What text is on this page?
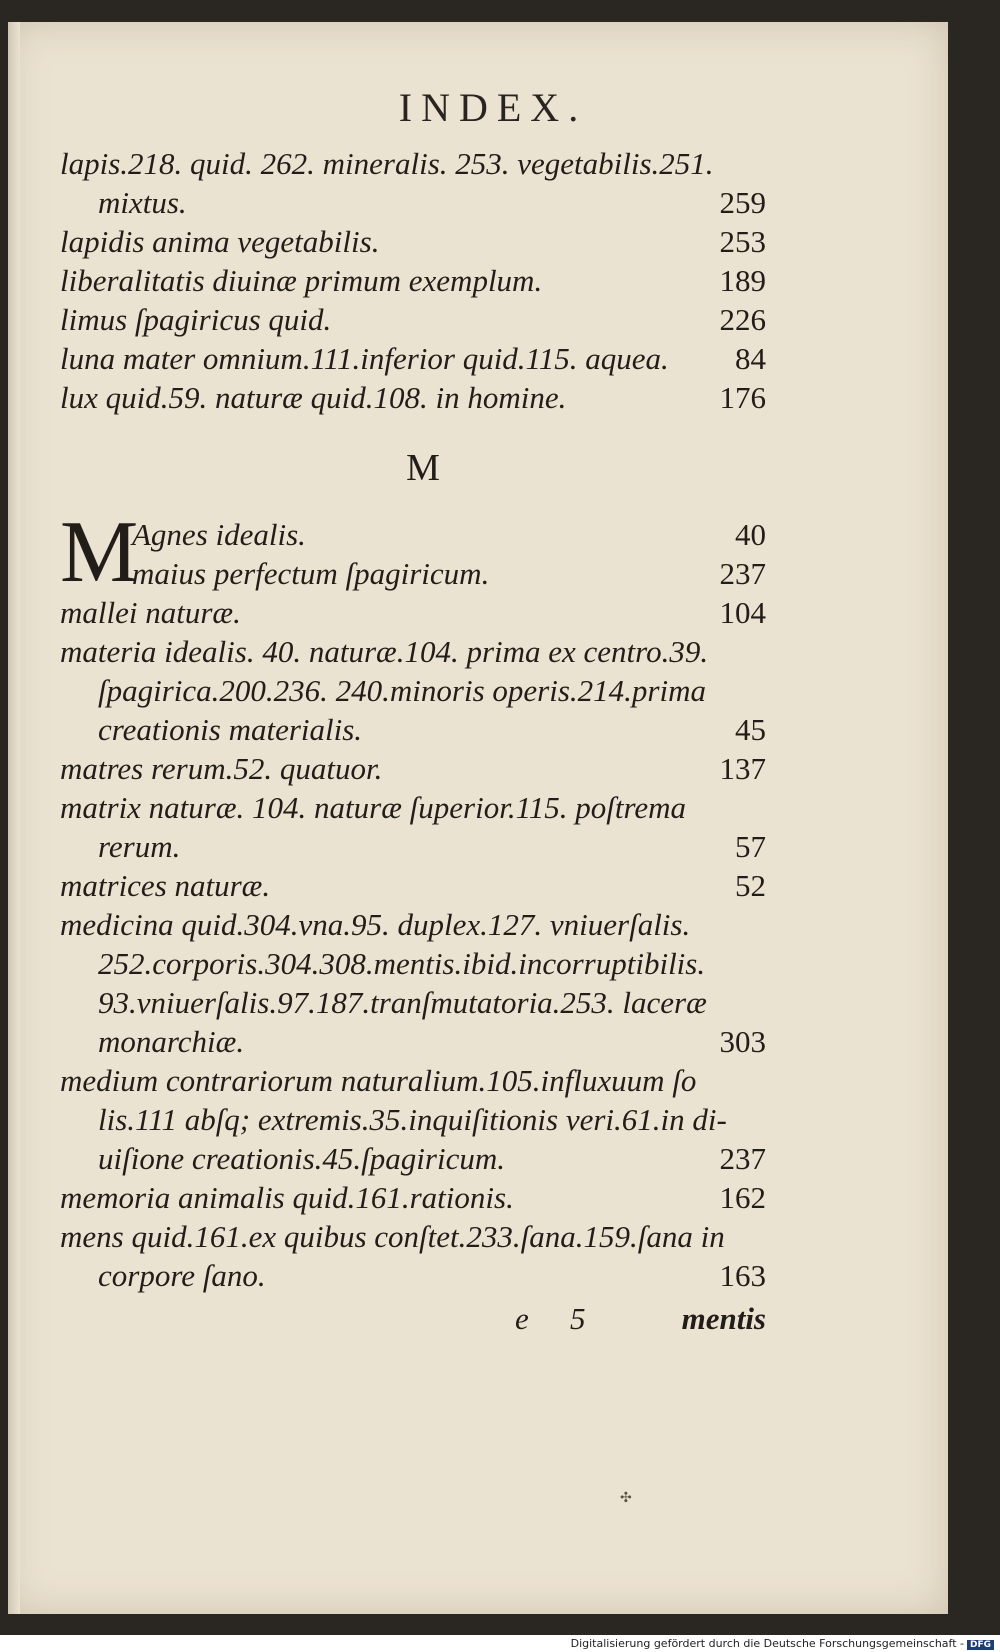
INDEX.
lapis.218. quid. 262. mineralis. 253. vegetabilis.251.
mixtus.	259
lapidis anima vegetabilis.	253
liberalitatis diuinæ primum exemplum.	189
limus ſpagiricus quid.	226
luna mater omnium.111.inferior quid.115. aquea. 84
lux quid.59. naturæ quid.108. in homine.	176
M
M
Agnes idealis.	40
maius perfectum ſpagiricum.	237
mallei naturæ.	104
materia idealis. 40. naturæ.104. prima ex centro.39.
ſpagirica.200.236. 240.minoris operis.214.prima
creationis materialis.	45
matres rerum.52. quatuor.	137
matrix naturæ. 104. naturæ ſuperior.115. poſtrema
rerum.	57
matrices naturæ.	52
medicina quid.304.vna.95. duplex.127. vniuerſalis.
252.corporis.304.308.mentis.ibid.incorruptibilis.
93.vniuerſalis.97.187.tranſmutatoria.253. laceræ
monarchiæ.	303
medium contrariorum naturalium.105.influxuum ſo
lis.111 abſq; extremis.35.inquiſitionis veri.61.in di-
uiſione creationis.45.ſpagiricum.	237
memoria animalis quid.161.rationis.	162
mens quid.161.ex quibus conſtet.233.ſana.159.ſana in
corpore ſano.	163
e 5	mentis
✣
Digitalisierung gefördert durch die Deutsche Forschungsgemeinschaft - DFG
